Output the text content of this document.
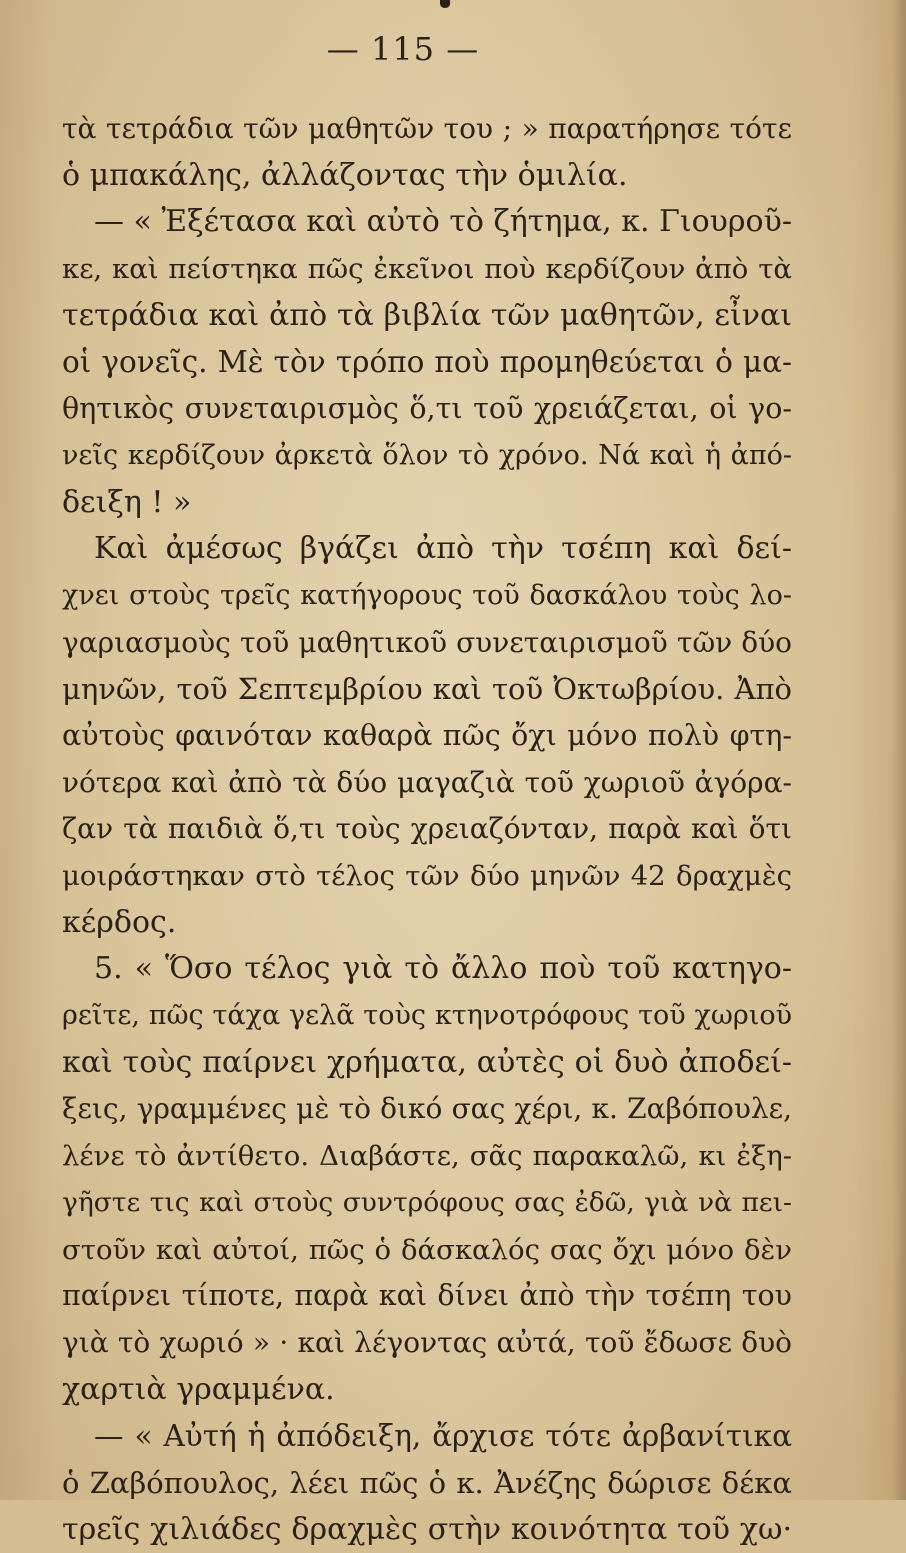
— 115 —
τὰ τετράδια τῶν μαθητῶν του ; » παρατήρησε τότε
ὁ μπακάλης, ἀλλάζοντας τὴν ὁμιλία.
— « Ἐξέτασα καὶ αὐτὸ τὸ ζήτημα, κ. Γιουροῦ-
κε, καὶ πείστηκα πῶς ἐκεῖνοι ποὺ κερδίζουν ἀπὸ τὰ
τετράδια καὶ ἀπὸ τὰ βιβλία τῶν μαθητῶν, εἶναι
οἱ γονεῖς. Μὲ τὸν τρόπο ποὺ προμηθεύεται ὁ μα-
θητικὸς συνεταιρισμὸς ὅ,τι τοῦ χρειάζεται, οἱ γο-
νεῖς κερδίζουν ἀρκετὰ ὅλον τὸ χρόνο. Νά καὶ ἡ ἀπό-
δειξη ! »
Καὶ ἀμέσως βγάζει ἀπὸ τὴν τσέπη καὶ δεί-
χνει στοὺς τρεῖς κατήγορους τοῦ δασκάλου τοὺς λο-
γαριασμοὺς τοῦ μαθητικοῦ συνεταιρισμοῦ τῶν δύο
μηνῶν, τοῦ Σεπτεμβρίου καὶ τοῦ Ὀκτωβρίου. Ἀπὸ
αὐτοὺς φαινόταν καθαρὰ πῶς ὄχι μόνο πολὺ φτη-
νότερα καὶ ἀπὸ τὰ δύο μαγαζιὰ τοῦ χωριοῦ ἀγόρα-
ζαν τὰ παιδιὰ ὅ,τι τοὺς χρειαζόνταν, παρὰ καὶ ὅτι
μοιράστηκαν στὸ τέλος τῶν δύο μηνῶν 42 δραχμὲς
κέρδος.
5. « Ὅσο τέλος γιὰ τὸ ἄλλο ποὺ τοῦ κατηγο-
ρεῖτε, πῶς τάχα γελᾶ τοὺς κτηνοτρόφους τοῦ χωριοῦ
καὶ τοὺς παίρνει χρήματα, αὐτὲς οἱ δυὸ ἀποδεί-
ξεις, γραμμένες μὲ τὸ δικό σας χέρι, κ. Ζαβόπουλε,
λένε τὸ ἀντίθετο. Διαβάστε, σᾶς παρακαλῶ, κι ἐξη-
γῆστε τις καὶ στοὺς συντρόφους σας ἐδῶ, γιὰ νὰ πει-
στοῦν καὶ αὐτοί, πῶς ὁ δάσκαλός σας ὄχι μόνο δὲν
παίρνει τίποτε, παρὰ καὶ δίνει ἀπὸ τὴν τσέπη του
γιὰ τὸ χωριό » · καὶ λέγοντας αὐτά, τοῦ ἔδωσε δυὸ
χαρτιὰ γραμμένα.
— « Αὐτή ἡ ἀπόδειξη, ἄρχισε τότε ἀρβανίτικα
ὁ Ζαβόπουλος, λέει πῶς ὁ κ. Ἀνέζης δώρισε δέκα
τρεῖς χιλιάδες δραχμὲς στὴν κοινότητα τοῦ χω·
